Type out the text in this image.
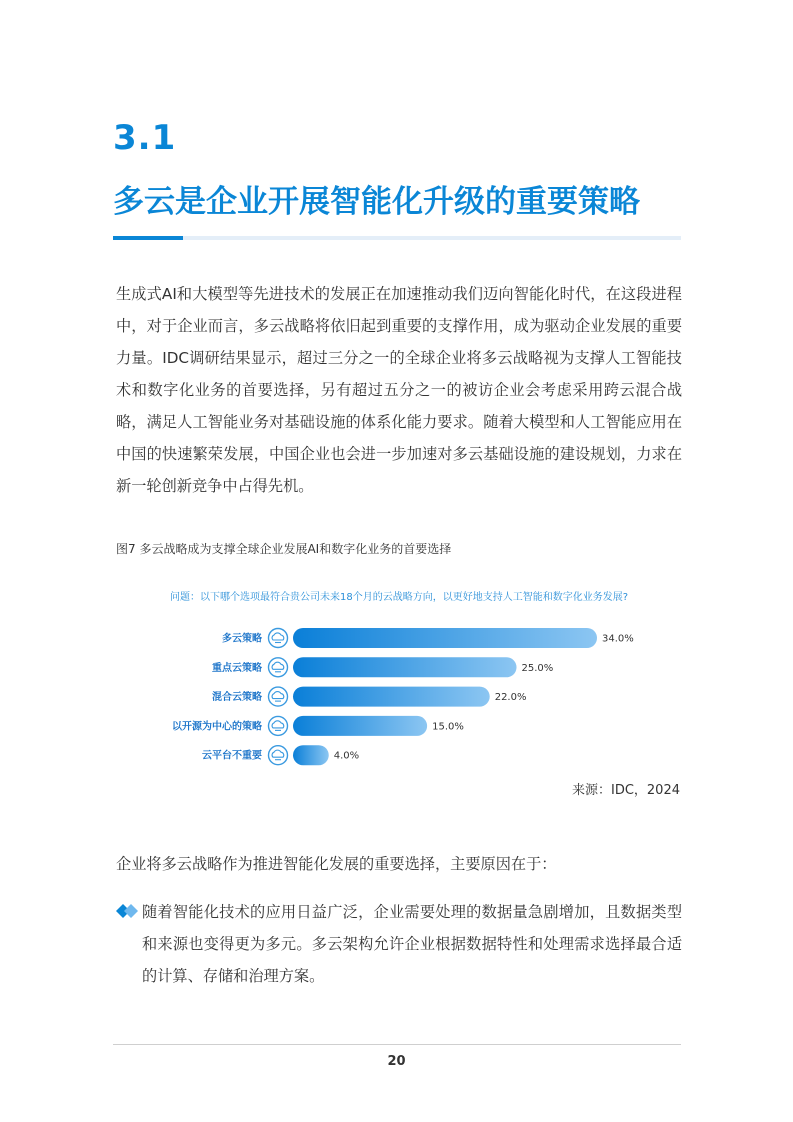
3.1
多云是企业开展智能化升级的重要策略
生成式AI和大模型等先进技术的发展正在加速推动我们迈向智能化时代，在这段进程中，对于企业而言，多云战略将依旧起到重要的支撑作用，成为驱动企业发展的重要力量。IDC调研结果显示，超过三分之一的全球企业将多云战略视为支撑人工智能技术和数字化业务的首要选择，另有超过五分之一的被访企业会考虑采用跨云混合战略，满足人工智能业务对基础设施的体系化能力要求。随着大模型和人工智能应用在中国的快速繁荣发展，中国企业也会进一步加速对多云基础设施的建设规划，力求在新一轮创新竞争中占得先机。
图7 多云战略成为支撑全球企业发展AI和数字化业务的首要选择
问题：以下哪个选项最符合贵公司未来18个月的云战略方向，以更好地支持人工智能和数字化业务发展?
多云策略	34.0%
重点云策略	25.0%
混合云策略	22.0%
以开源为中心的策略	15.0%
云平台不重要	4.0%
来源：IDC，2024
企业将多云战略作为推进智能化发展的重要选择，主要原因在于：
随着智能化技术的应用日益广泛，企业需要处理的数据量急剧增加，且数据类型和来源也变得更为多元。多云架构允许企业根据数据特性和处理需求选择最合适的计算、存储和治理方案。
20
